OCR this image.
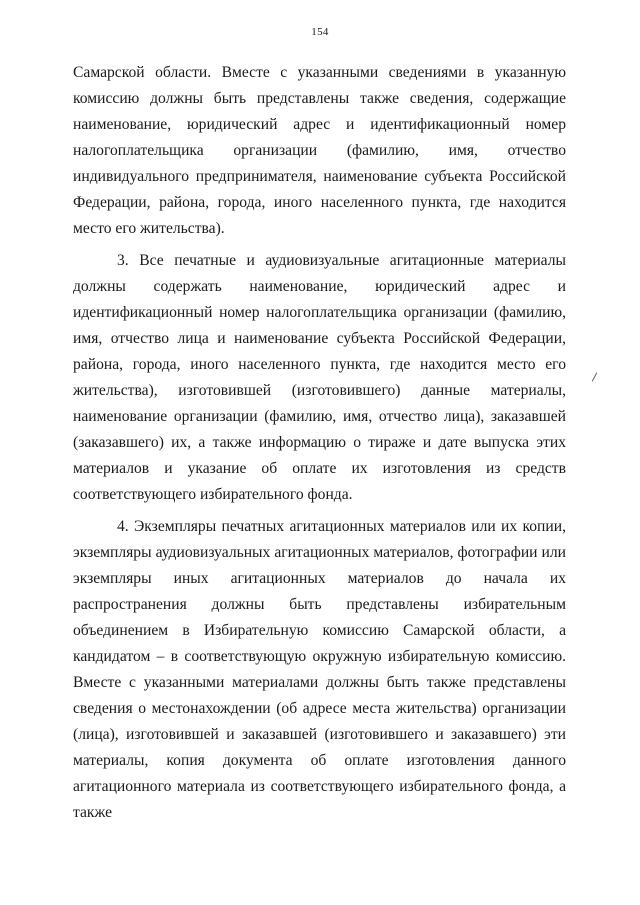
154

Самарской области. Вместе с указанными сведениями в указанную комиссию должны быть представлены также сведения, содержащие наименование, юридический адрес и идентификационный номер налогоплательщика организации (фамилию, имя, отчество индивидуального предпринимателя, наименование субъекта Российской Федерации, района, города, иного населенного пункта, где находится место его жительства).

3. Все печатные и аудиовизуальные агитационные материалы должны содержать наименование, юридический адрес и идентификационный номер налогоплательщика организации (фамилию, имя, отчество лица и наименование субъекта Российской Федерации, района, города, иного населенного пункта, где находится место его жительства), изготовившей (изготовившего) данные материалы, наименование организации (фамилию, имя, отчество лица), заказавшей (заказавшего) их, а также информацию о тираже и дате выпуска этих материалов и указание об оплате их изготовления из средств соответствующего избирательного фонда.

4. Экземпляры печатных агитационных материалов или их копии, экземпляры аудиовизуальных агитационных материалов, фотографии или экземпляры иных агитационных материалов до начала их распространения должны быть представлены избирательным объединением в Избирательную комиссию Самарской области, а кандидатом – в соответствующую окружную избирательную комиссию. Вместе с указанными материалами должны быть также представлены сведения о местонахождении (об адресе места жительства) организации (лица), изготовившей и заказавшей (изготовившего и заказавшего) эти материалы, копия документа об оплате изготовления данного агитационного материала из соответствующего избирательного фонда, а также
